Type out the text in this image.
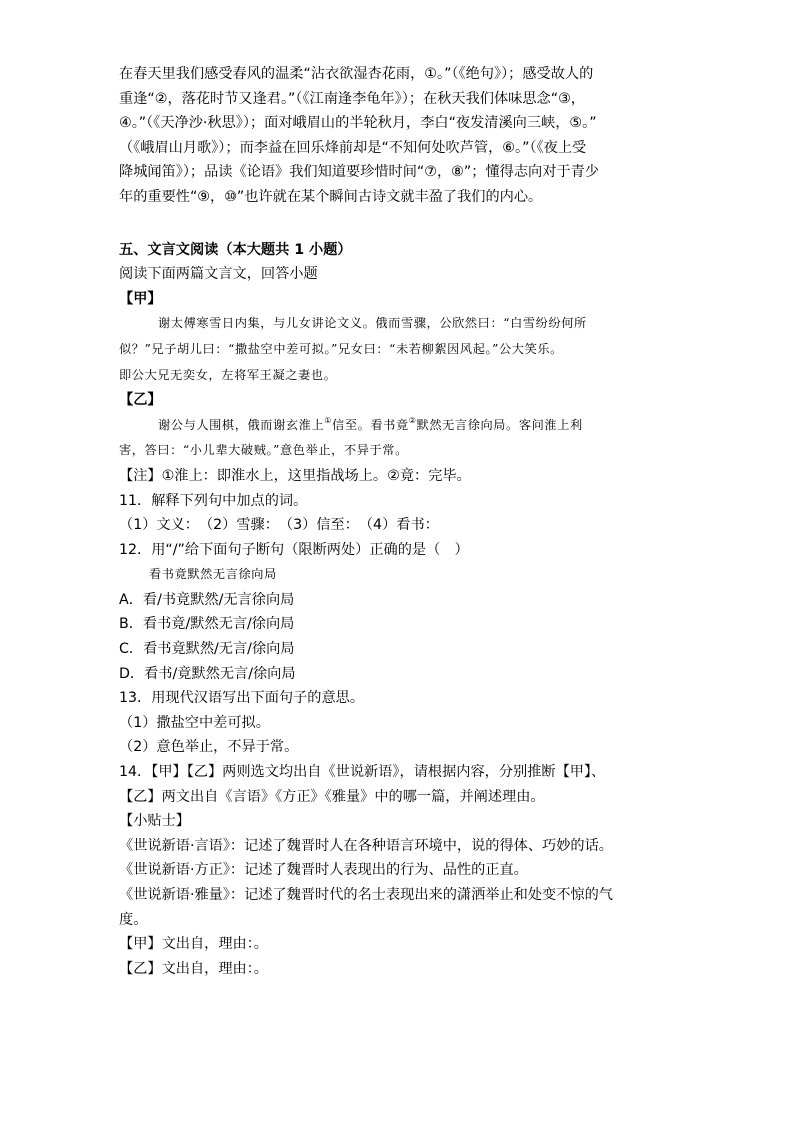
在春天里我们感受春风的温柔“沾衣欲湿杏花雨，①。”（《绝句》）；感受故人的
重逢“②，落花时节又逢君。”（《江南逢李龟年》）；在秋天我们体味思念“③，
④。”（《天净沙·秋思》）；面对峨眉山的半轮秋月，李白“夜发清溪向三峡，⑤。”
（《峨眉山月歌》）；而李益在回乐烽前却是“不知何处吹芦管，⑥。”（《夜上受
降城闻笛》）；品读《论语》我们知道要珍惜时间“⑦，⑧”；懂得志向对于青少
年的重要性“⑨，⑩”也许就在某个瞬间古诗文就丰盈了我们的内心。
五、文言文阅读（本大题共 1 小题）
阅读下面两篇文言文，回答小题
【甲】
谢太傅寒雪日内集，与儿女讲论文义。俄而雪骤，公欣然曰：“白雪纷纷何所
似？”兄子胡儿曰：“撒盐空中差可拟。”兄女曰：“未若柳絮因风起。”公大笑乐。
即公大兄无奕女，左将军王凝之妻也。
【乙】
谢公与人围棋，俄而谢玄淮上①信至。看书竟②默然无言徐向局。客问淮上利
害，答曰：“小儿辈大破贼。”意色举止，不异于常。
【注】①淮上：即淮水上，这里指战场上。②竟：完毕。
11．解释下列句中加点的词。
（1）文义：　（2）雪骤：　（3）信至：　（4）看书：
12．用“/”给下面句子断句（限断两处）正确的是（　）
看书竟默然无言徐向局
A．看/书竟默然/无言徐向局
B．看书竟/默然无言/徐向局
C．看书竟默然/无言/徐向局
D．看书/竟默然无言/徐向局
13．用现代汉语写出下面句子的意思。
（1）撒盐空中差可拟。
（2）意色举止，不异于常。
14．【甲】【乙】两则选文均出自《世说新语》，请根据内容，分别推断【甲】、
【乙】两文出自《言语》《方正》《雅量》中的哪一篇，并阐述理由。
【小贴士】
《世说新语·言语》：记述了魏晋时人在各种语言环境中，说的得体、巧妙的话。
《世说新语·方正》：记述了魏晋时人表现出的行为、品性的正直。
《世说新语·雅量》：记述了魏晋时代的名士表现出来的潇洒举止和处变不惊的气
度。
【甲】文出自，理由：。
【乙】文出自，理由：。
